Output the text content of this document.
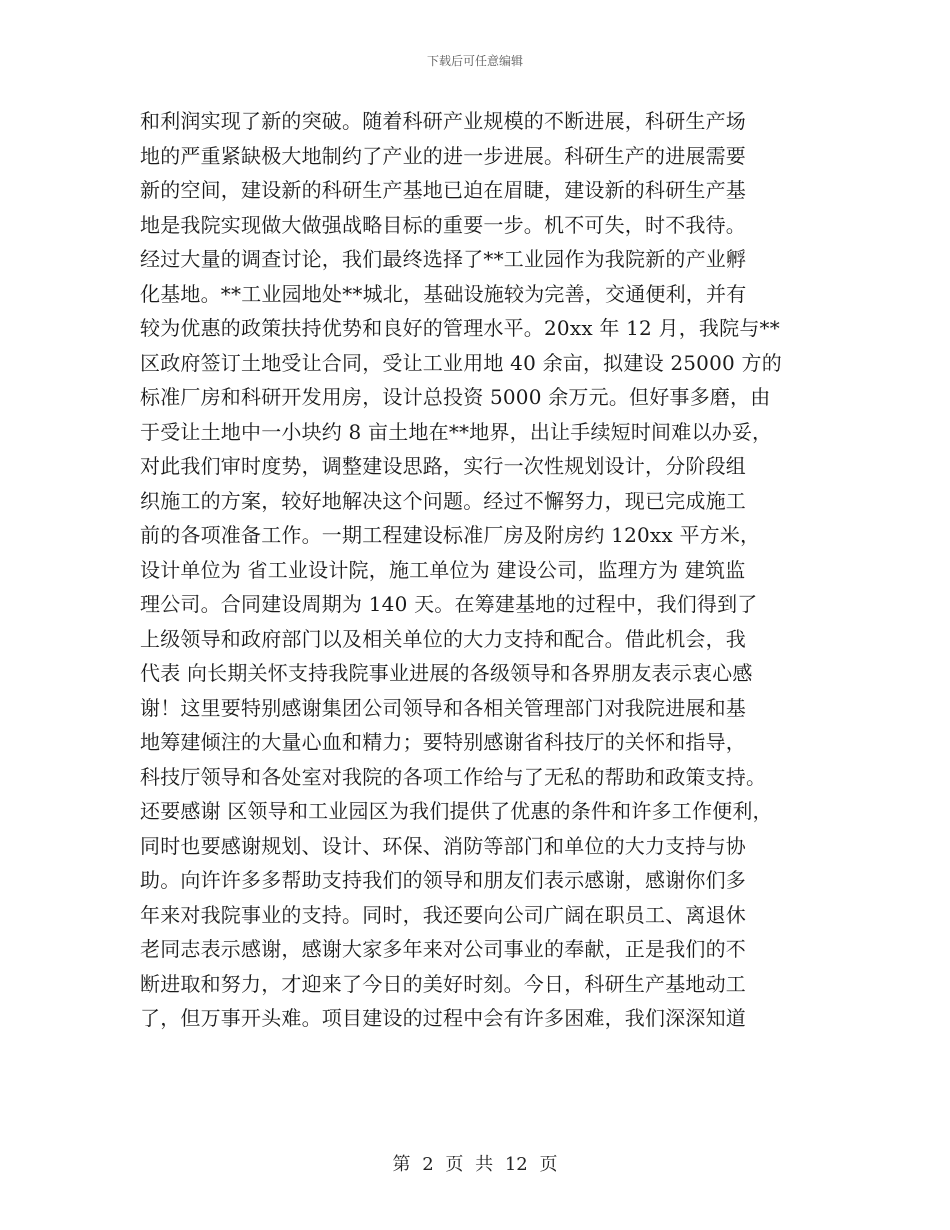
下载后可任意编辑
和利润实现了新的突破。随着科研产业规模的不断进展，科研生产场
地的严重紧缺极大地制约了产业的进一步进展。科研生产的进展需要
新的空间，建设新的科研生产基地已迫在眉睫，建设新的科研生产基
地是我院实现做大做强战略目标的重要一步。机不可失，时不我待。
经过大量的调查讨论，我们最终选择了**工业园作为我院新的产业孵
化基地。**工业园地处**城北，基础设施较为完善，交通便利，并有
较为优惠的政策扶持优势和良好的管理水平。20xx 年 12 月，我院与**
区政府签订土地受让合同，受让工业用地 40 余亩，拟建设 25000 方的
标准厂房和科研开发用房，设计总投资 5000 余万元。但好事多磨，由
于受让土地中一小块约 8 亩土地在**地界，出让手续短时间难以办妥，
对此我们审时度势，调整建设思路，实行一次性规划设计，分阶段组
织施工的方案，较好地解决这个问题。经过不懈努力，现已完成施工
前的各项准备工作。一期工程建设标准厂房及附房约 120xx 平方米，
设计单位为 省工业设计院，施工单位为 建设公司，监理方为 建筑监
理公司。合同建设周期为 140 天。在筹建基地的过程中，我们得到了
上级领导和政府部门以及相关单位的大力支持和配合。借此机会，我
代表 向长期关怀支持我院事业进展的各级领导和各界朋友表示衷心感
谢！这里要特别感谢集团公司领导和各相关管理部门对我院进展和基
地筹建倾注的大量心血和精力；要特别感谢省科技厅的关怀和指导，
科技厅领导和各处室对我院的各项工作给与了无私的帮助和政策支持。
还要感谢 区领导和工业园区为我们提供了优惠的条件和许多工作便利，
同时也要感谢规划、设计、环保、消防等部门和单位的大力支持与协
助。向许许多多帮助支持我们的领导和朋友们表示感谢，感谢你们多
年来对我院事业的支持。同时，我还要向公司广阔在职员工、离退休
老同志表示感谢，感谢大家多年来对公司事业的奉献，正是我们的不
断进取和努力，才迎来了今日的美好时刻。今日，科研生产基地动工
了，但万事开头难。项目建设的过程中会有许多困难，我们深深知道
第 2 页 共 12 页
